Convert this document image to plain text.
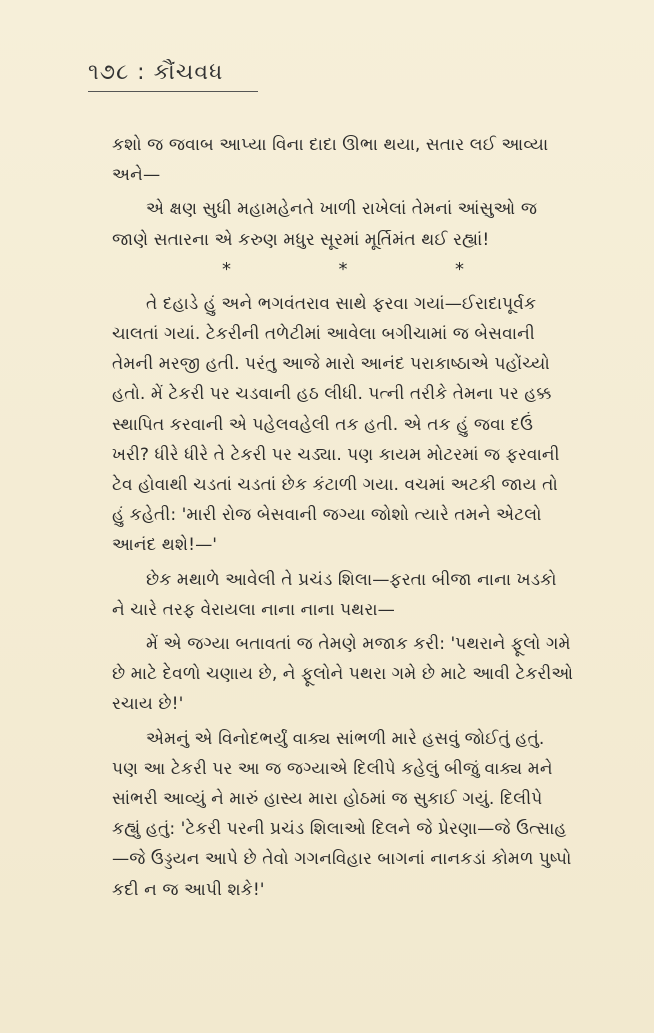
૧૭૮ : કૌંચવધ

કશો જ જવાબ આપ્યા વિના દાદા ઊભા થયા, સતાર લઈ આવ્યા અને—

એ ક્ષણ સુધી મહામહેનતે ખાળી રાખેલાં તેમનાં આંસુઓ જ જાણે સતારના એ કરુણ મધુર સૂરમાં મૂર્તિમંત થઈ રહ્યાં!

*	*	*

તે દહાડે હું અને ભગવંતરાવ સાથે ફરવા ગયાં—ઈરાદાપૂર્વક ચાલતાં ગયાં. ટેકરીની તળેટીમાં આવેલા બગીચામાં જ બેસવાની તેમની મરજી હતી. પરંતુ આજે મારો આનંદ પરાકાષ્ઠાએ પહોંચ્યો હતો. મેં ટેકરી પર ચડવાની હઠ લીધી. પત્ની તરીકે તેમના પર હક્ક સ્થાપિત કરવાની એ પહેલવહેલી તક હતી. એ તક હું જવા દઉં ખરી? ધીરે ધીરે તે ટેકરી પર ચડ્યા. પણ કાયમ મોટરમાં જ ફરવાની ટેવ હોવાથી ચડતાં ચડતાં છેક કંટાળી ગયા. વચમાં અટકી જાય તો હું કહેતી: 'મારી રોજ બેસવાની જગ્યા જોશો ત્યારે તમને એટલો આનંદ થશે!—'

છેક મથાળે આવેલી તે પ્રચંડ શિલા—ફરતા બીજા નાના ખડકો ને ચારે તરફ વેરાયલા નાના નાના પથરા—

મેં એ જગ્યા બતાવતાં જ તેમણે મજાક કરી: 'પથરાને ફૂલો ગમે છે માટે દેવળો ચણાય છે, ને ફૂલોને પથરા ગમે છે માટે આવી ટેકરીઓ રચાય છે!'

એમનું એ વિનોદભર્યું વાક્ય સાંભળી મારે હસવું જોઈતું હતું. પણ આ ટેકરી પર આ જ જગ્યાએ દિલીપે કહેલું બીજું વાક્ય મને સાંભરી આવ્યું ને મારું હાસ્ય મારા હોઠમાં જ સુકાઈ ગયું. દિલીપે કહ્યું હતું: 'ટેકરી પરની પ્રચંડ શિલાઓ દિલને જે પ્રેરણા—જે ઉત્સાહ—જે ઉડ્ડયન આપે છે તેવો ગગનવિહાર બાગનાં નાનકડાં કોમળ પુષ્પો કદી ન જ આપી શકે!'
